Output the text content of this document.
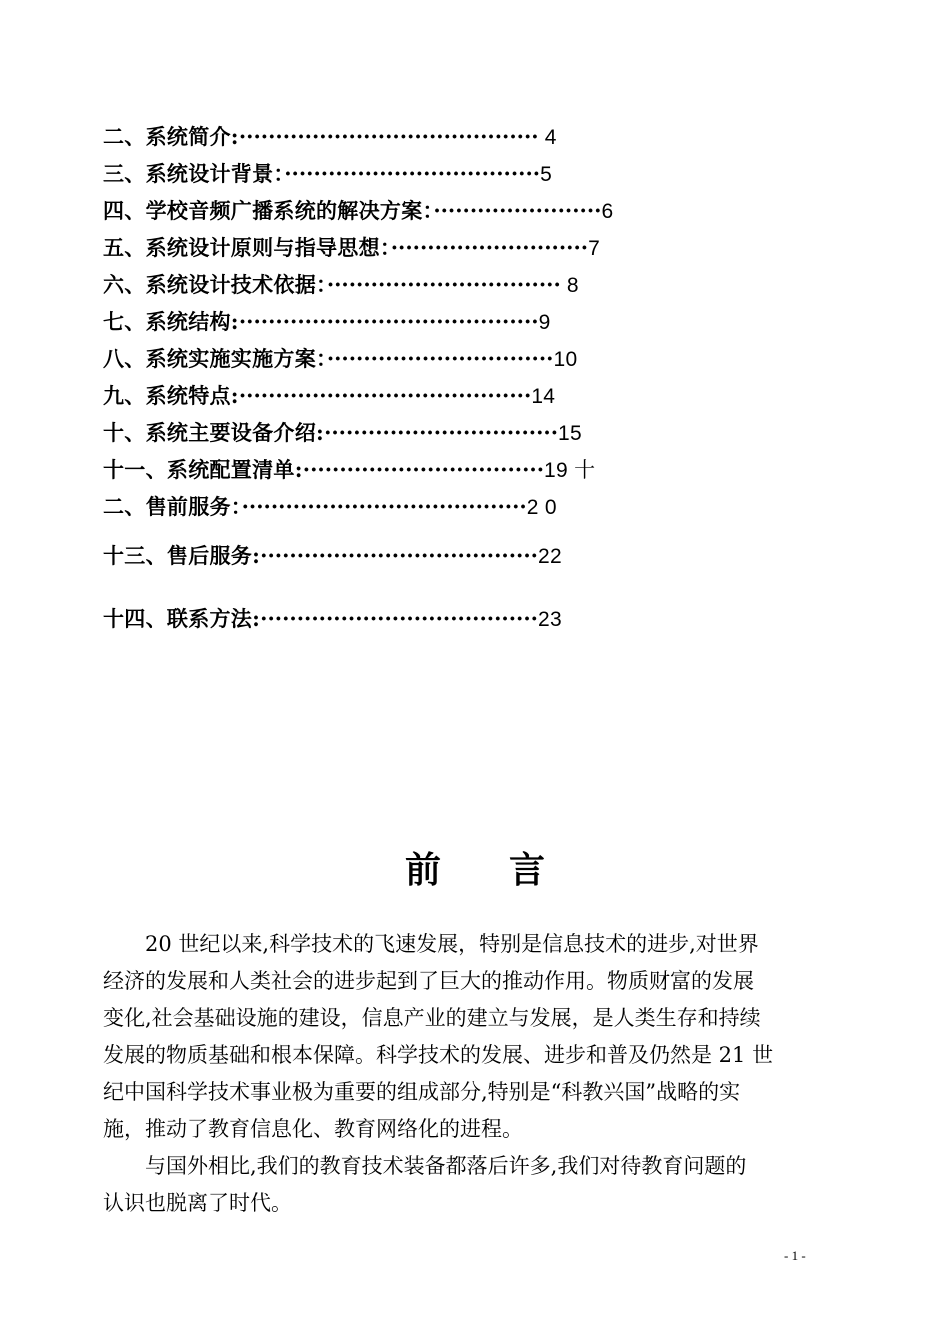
二、系统简介:········································· 4
三、系统设计背景：···································5
四、学校音频广播系统的解决方案：·······················6
五、系统设计原则与指导思想：···························7
六、系统设计技术依据：································ 8
七、系统结构:·········································9
八、系统实施实施方案：·······························10
九、系统特点:········································14
十、系统主要设备介绍:································15
十一、系统配置清单:·································19 十
二、售前服务：·······································2 0
十三、售后服务:······································22
十四、联系方法:······································23
前 言
　　20 世纪以来,科学技术的飞速发展，特别是信息技术的进步,对世界
经济的发展和人类社会的进步起到了巨大的推动作用。物质财富的发展
变化,社会基础设施的建设，信息产业的建立与发展，是人类生存和持续
发展的物质基础和根本保障。科学技术的发展、进步和普及仍然是 21 世
纪中国科学技术事业极为重要的组成部分,特别是“科教兴国”战略的实
施，推动了教育信息化、教育网络化的进程。
　　与国外相比,我们的教育技术装备都落后许多,我们对待教育问题的
认识也脱离了时代。
- 1 -
